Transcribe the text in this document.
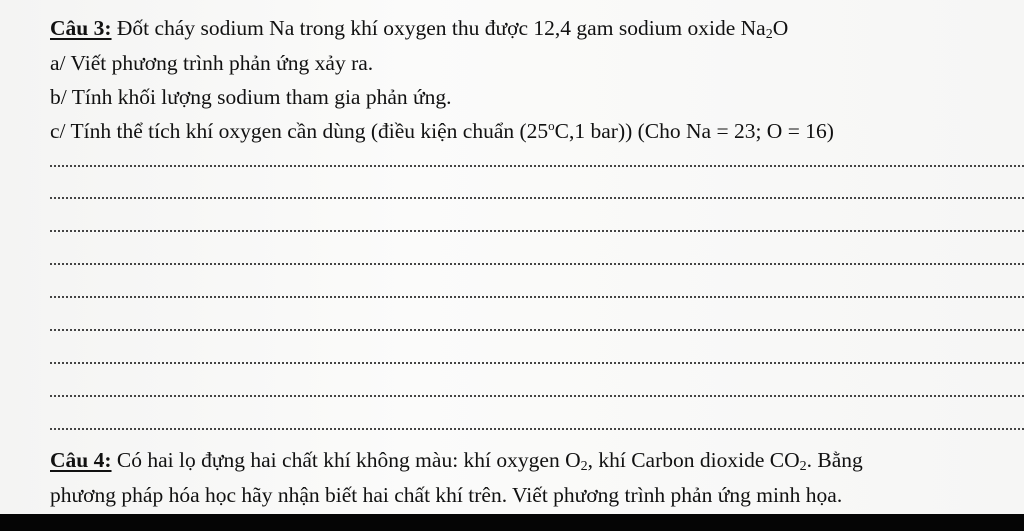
Câu 3: Đốt cháy sodium Na trong khí oxygen thu được 12,4 gam sodium oxide $Na_2O$
a/ Viết phương trình phản ứng xảy ra.
b/ Tính khối lượng sodium tham gia phản ứng.
c/ Tính thể tích khí oxygen cần dùng (điều kiện chuẩn (25$^o$C,1 bar)) (Cho Na = 23; O = 16)
Câu 4: Có hai lọ đựng hai chất khí không màu: khí oxygen $O_2$, khí Carbon dioxide $CO_2$. Bằng
phương pháp hóa học hãy nhận biết hai chất khí trên. Viết phương trình phản ứng minh họa.
